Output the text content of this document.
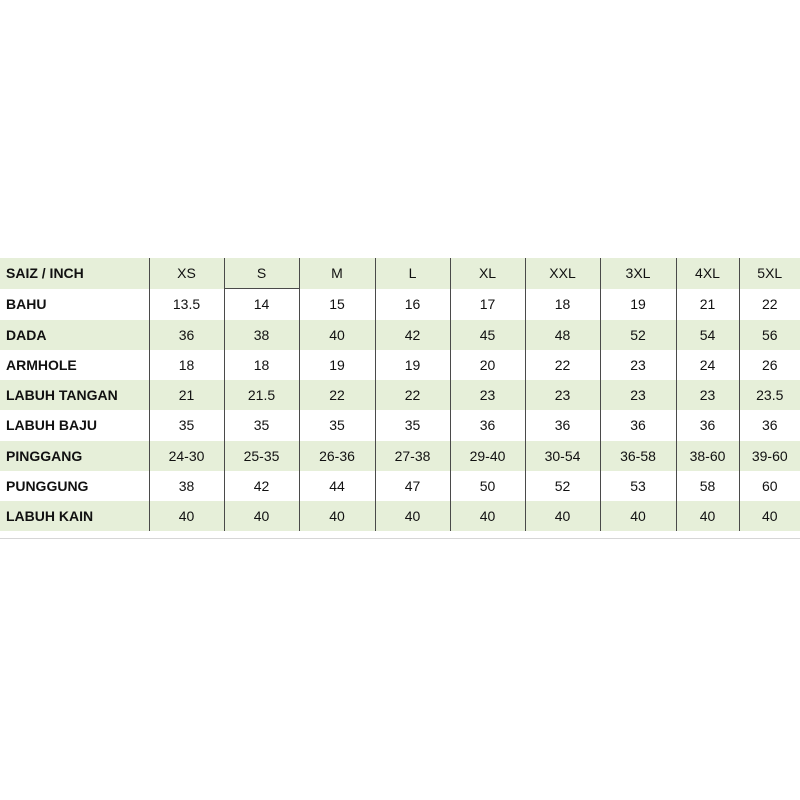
SAIZ / INCH	XS	S	M	L	XL	XXL	3XL	4XL	5XL
BAHU	13.5	14	15	16	17	18	19	21	22
DADA	36	38	40	42	45	48	52	54	56
ARMHOLE	18	18	19	19	20	22	23	24	26
LABUH TANGAN	21	21.5	22	22	23	23	23	23	23.5
LABUH BAJU	35	35	35	35	36	36	36	36	36
PINGGANG	24-30	25-35	26-36	27-38	29-40	30-54	36-58	38-60	39-60
PUNGGUNG	38	42	44	47	50	52	53	58	60
LABUH KAIN	40	40	40	40	40	40	40	40	40
